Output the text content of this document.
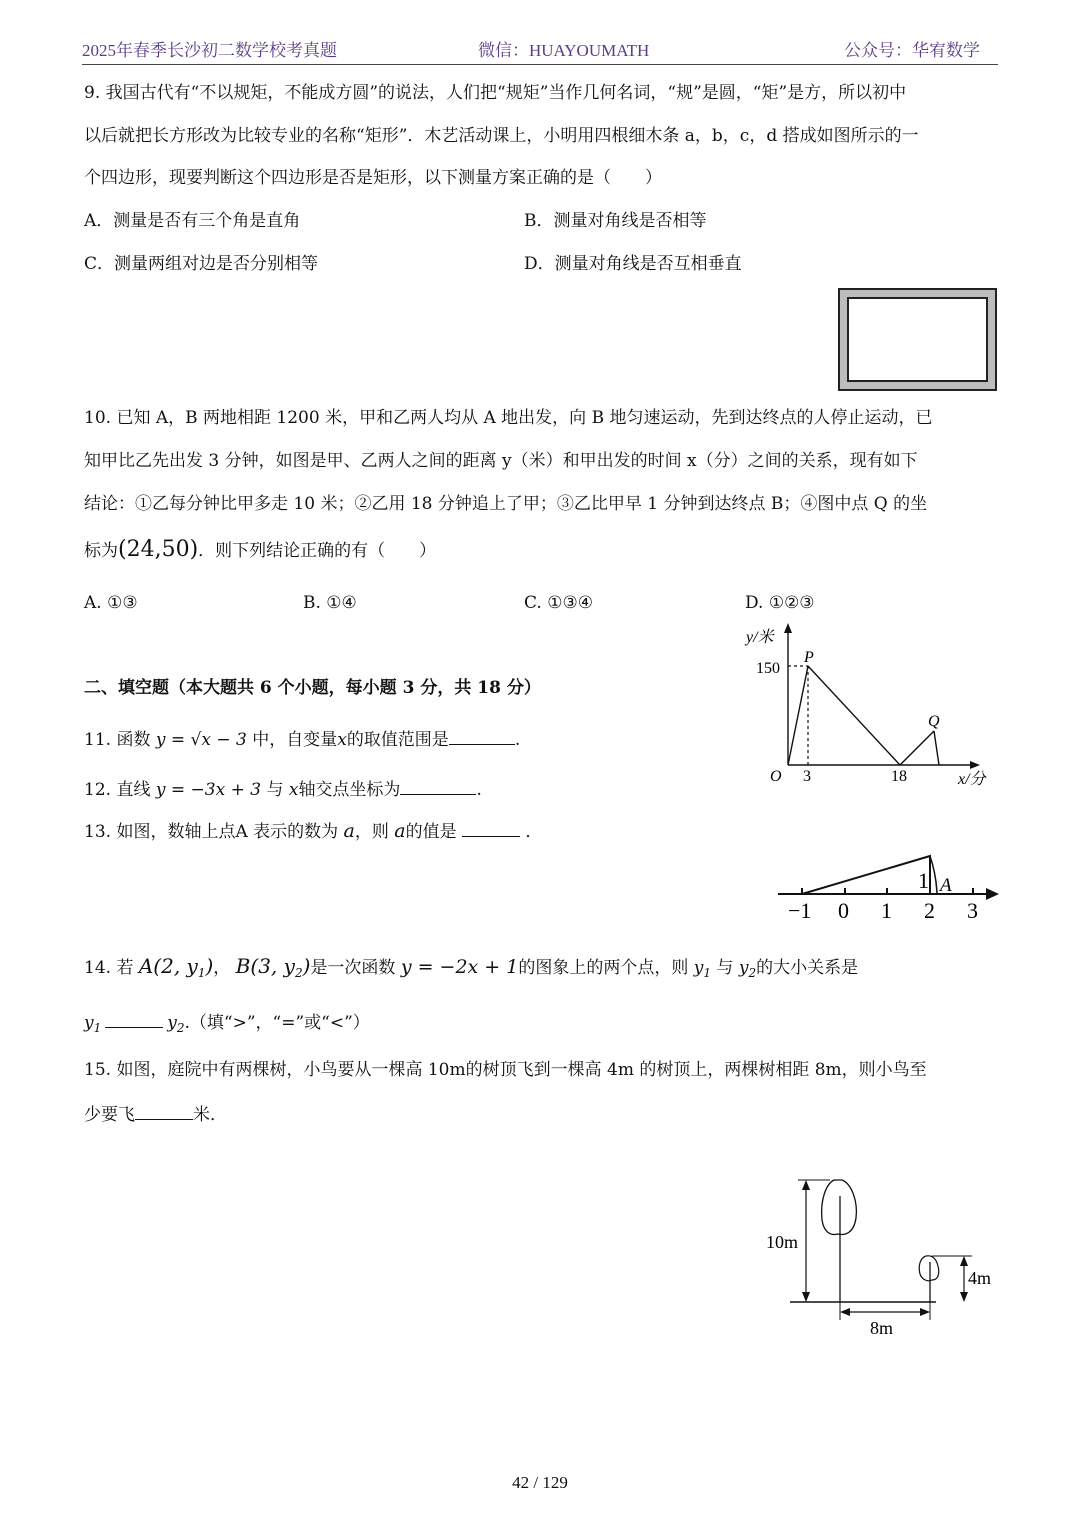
2025年春季长沙初二数学校考真题	微信：HUAYOUMATH	公众号：华宥数学
9. 我国古代有“不以规矩，不能成方圆”的说法，人们把“规矩”当作几何名词，“规”是圆，“矩”是方，所以初中
以后就把长方形改为比较专业的名称“矩形”．木艺活动课上，小明用四根细木条 a，b，c，d 搭成如图所示的一
个四边形，现要判断这个四边形是否是矩形，以下测量方案正确的是（　　）
A．测量是否有三个角是直角	B．测量对角线是否相等
C．测量两组对边是否分别相等	D．测量对角线是否互相垂直
10. 已知 A，B 两地相距 1200 米，甲和乙两人均从 A 地出发，向 B 地匀速运动，先到达终点的人停止运动，已
知甲比乙先出发 3 分钟，如图是甲、乙两人之间的距离 y（米）和甲出发的时间 x（分）之间的关系，现有如下
结论：①乙每分钟比甲多走 10 米；②乙用 18 分钟追上了甲；③乙比甲早 1 分钟到达终点 B；④图中点 Q 的坐
标为(24,50)．则下列结论正确的有（　　）
A. ①③	B. ①④	C. ①③④	D. ①②③
y/米
150
P
Q
O 3	18	x/分
二、填空题（本大题共 6 个小题，每小题 3 分，共 18 分）
11. 函数 y = √x − 3 中，自变量x的取值范围是	.
12. 直线 y = −3x + 3 与 x轴交点坐标为	.
13. 如图，数轴上点A 表示的数为 a，则 a的值是	．
1 A
−1 0 1 2 3
14. 若 A(2, $y_1$)， B(3, $y_2$)是一次函数 y = −2x + 1的图象上的两个点，则 $y_1$ 与 $y_2$的大小关系是
$y_1$	$y_2$.（填“>”，“=”或“<”）
15. 如图，庭院中有两棵树，小鸟要从一棵高 10m的树顶飞到一棵高 4m 的树顶上，两棵树相距 8m，则小鸟至
少要飞	米．
10m
4m
8m
42 / 129
